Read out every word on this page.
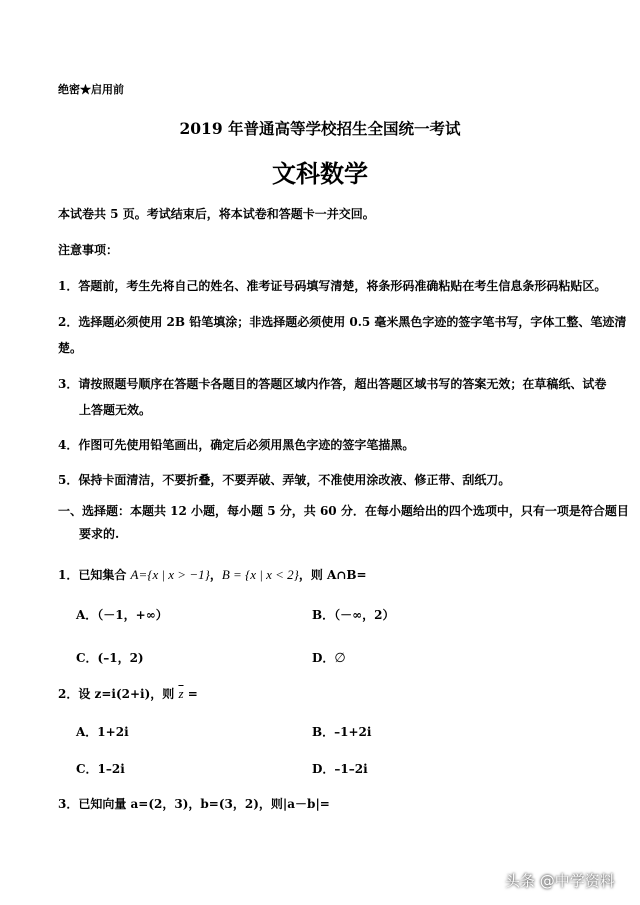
绝密★启用前
2019 年普通高等学校招生全国统一考试
文科数学
本试卷共 5 页。考试结束后，将本试卷和答题卡一并交回。
注意事项：
1．答题前，考生先将自己的姓名、准考证号码填写清楚，将条形码准确粘贴在考生信息条形码粘贴区。
2．选择题必须使用 2B 铅笔填涂；非选择题必须使用 0.5 毫米黑色字迹的签字笔书写，字体工整、笔迹清
楚。
3．请按照题号顺序在答题卡各题目的答题区域内作答，超出答题区域书写的答案无效；在草稿纸、试卷
上答题无效。
4．作图可先使用铅笔画出，确定后必须用黑色字迹的签字笔描黑。
5．保持卡面清洁，不要折叠，不要弄破、弄皱，不准使用涂改液、修正带、刮纸刀。
一、选择题：本题共 12 小题，每小题 5 分，共 60 分．在每小题给出的四个选项中，只有一项是符合题目
要求的.
1．已知集合 A={x | x > −1}，B = {x | x < 2}，则 A∩B=
A．（－1，+∞）	B．（－∞，2）
C．(–1，2)	D．∅
2．设 z=i(2+i)，则 $\overline{z}$ =
A．1+2i	B．–1+2i
C．1–2i	D．–1–2i
3．已知向量 a=(2，3)，b=(3，2)，则|a－b|=
头条 @中学资料
